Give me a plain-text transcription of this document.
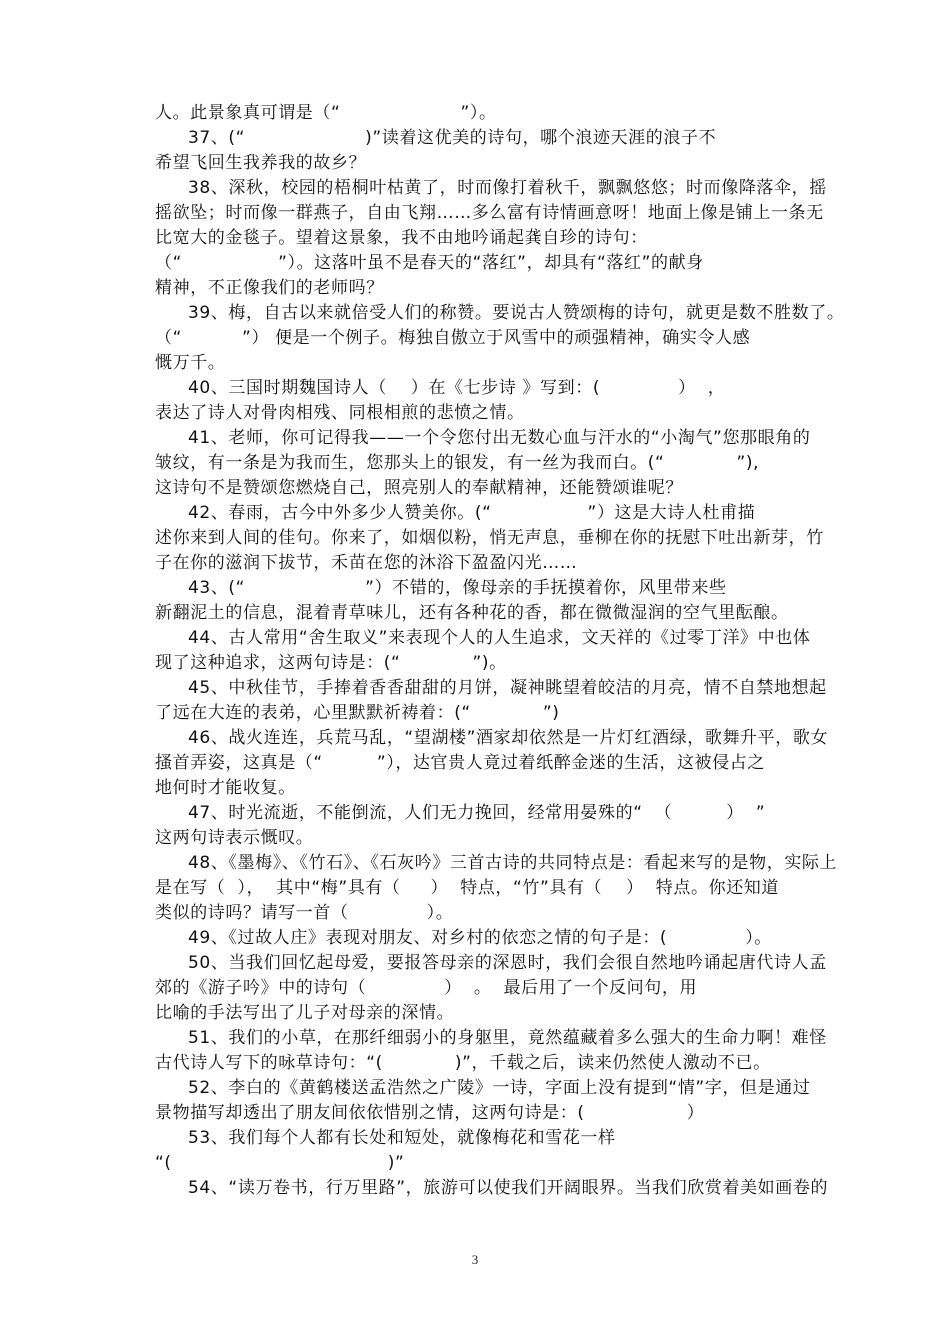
人。此景象真可谓是（“                    ”）。
37、(“                    )”读着这优美的诗句，哪个浪迹天涯的浪子不
希望飞回生我养我的故乡？
38、深秋，校园的梧桐叶枯黄了，时而像打着秋千，飘飘悠悠；时而像降落伞，摇
摇欲坠；时而像一群燕子，自由飞翔……多么富有诗情画意呀！地面上像是铺上一条无
比宽大的金毯子。望着这景象，我不由地吟诵起龚自珍的诗句：
（“                ”）。这落叶虽不是春天的“落红”，却具有“落红”的献身
精神，不正像我们的老师吗？
39、梅，自古以来就倍受人们的称赞。要说古人赞颂梅的诗句，就更是数不胜数了。
（“          ”） 便是一个例子。梅独自傲立于风雪中的顽强精神，确实令人感
慨万千。
40、三国时期魏国诗人（    ）在《七步诗 》写到：(             ）  ，
表达了诗人对骨肉相残、同根相煎的悲愤之情。
41、老师，你可记得我——一个令您付出无数心血与汗水的“小淘气”您那眼角的
皱纹，有一条是为我而生，您那头上的银发，有一丝为我而白。(“            ”),
这诗句不是赞颂您燃烧自己，照亮别人的奉献精神，还能赞颂谁呢？
42、春雨，古今中外多少人赞美你。(“                ”）这是大诗人杜甫描
述你来到人间的佳句。你来了，如烟似粉，悄无声息，垂柳在你的抚慰下吐出新芽，竹
子在你的滋润下拔节，禾苗在您的沐浴下盈盈闪光……
43、(“                    ”）不错的，像母亲的手抚摸着你，风里带来些
新翻泥土的信息，混着青草味儿，还有各种花的香，都在微微湿润的空气里酝酿。
44、古人常用“舍生取义”来表现个人的人生追求，文天祥的《过零丁洋》中也体
现了这种追求，这两句诗是：(“            ”)。
45、中秋佳节，手捧着香香甜甜的月饼，凝神眺望着皎洁的月亮，情不自禁地想起
了远在大连的表弟，心里默默祈祷着：(“            ”)
46、战火连连，兵荒马乱，“望湖楼”酒家却依然是一片灯红酒绿，歌舞升平，歌女
搔首弄姿，这真是（“         ”），达官贵人竟过着纸醉金迷的生活，这被侵占之
地何时才能收复。
47、时光流逝，不能倒流，人们无力挽回，经常用晏殊的“  （         ）  ”
这两句诗表示慨叹。
48、《墨梅》、《竹石》、《石灰吟》三首古诗的共同特点是：看起来写的是物，实际上
是在写（  ），  其中“梅”具有（     ）  特点，“竹”具有（    ）  特点。你还知道
类似的诗吗？请写一首（             ）。
49、《过故人庄》表现对朋友、对乡村的依恋之情的句子是：(             ）。
50、当我们回忆起母爱，要报答母亲的深恩时，我们会很自然地吟诵起唐代诗人孟
郊的《游子吟》中的诗句（             ）  。  最后用了一个反问句，用
比喻的手法写出了儿子对母亲的深情。
51、我们的小草，在那纤细弱小的身躯里，竟然蕴藏着多么强大的生命力啊！难怪
古代诗人写下的咏草诗句：“(            )”，千载之后，读来仍然使人激动不已。
52、李白的《黄鹤楼送孟浩然之广陵》一诗，字面上没有提到“情”字，但是通过
景物描写却透出了朋友间依依惜别之情，这两句诗是：(                 ）
53、我们每个人都有长处和短处，就像梅花和雪花一样
“(                                    )”
54、“读万卷书，行万里路”，旅游可以使我们开阔眼界。当我们欣赏着美如画卷的
3
